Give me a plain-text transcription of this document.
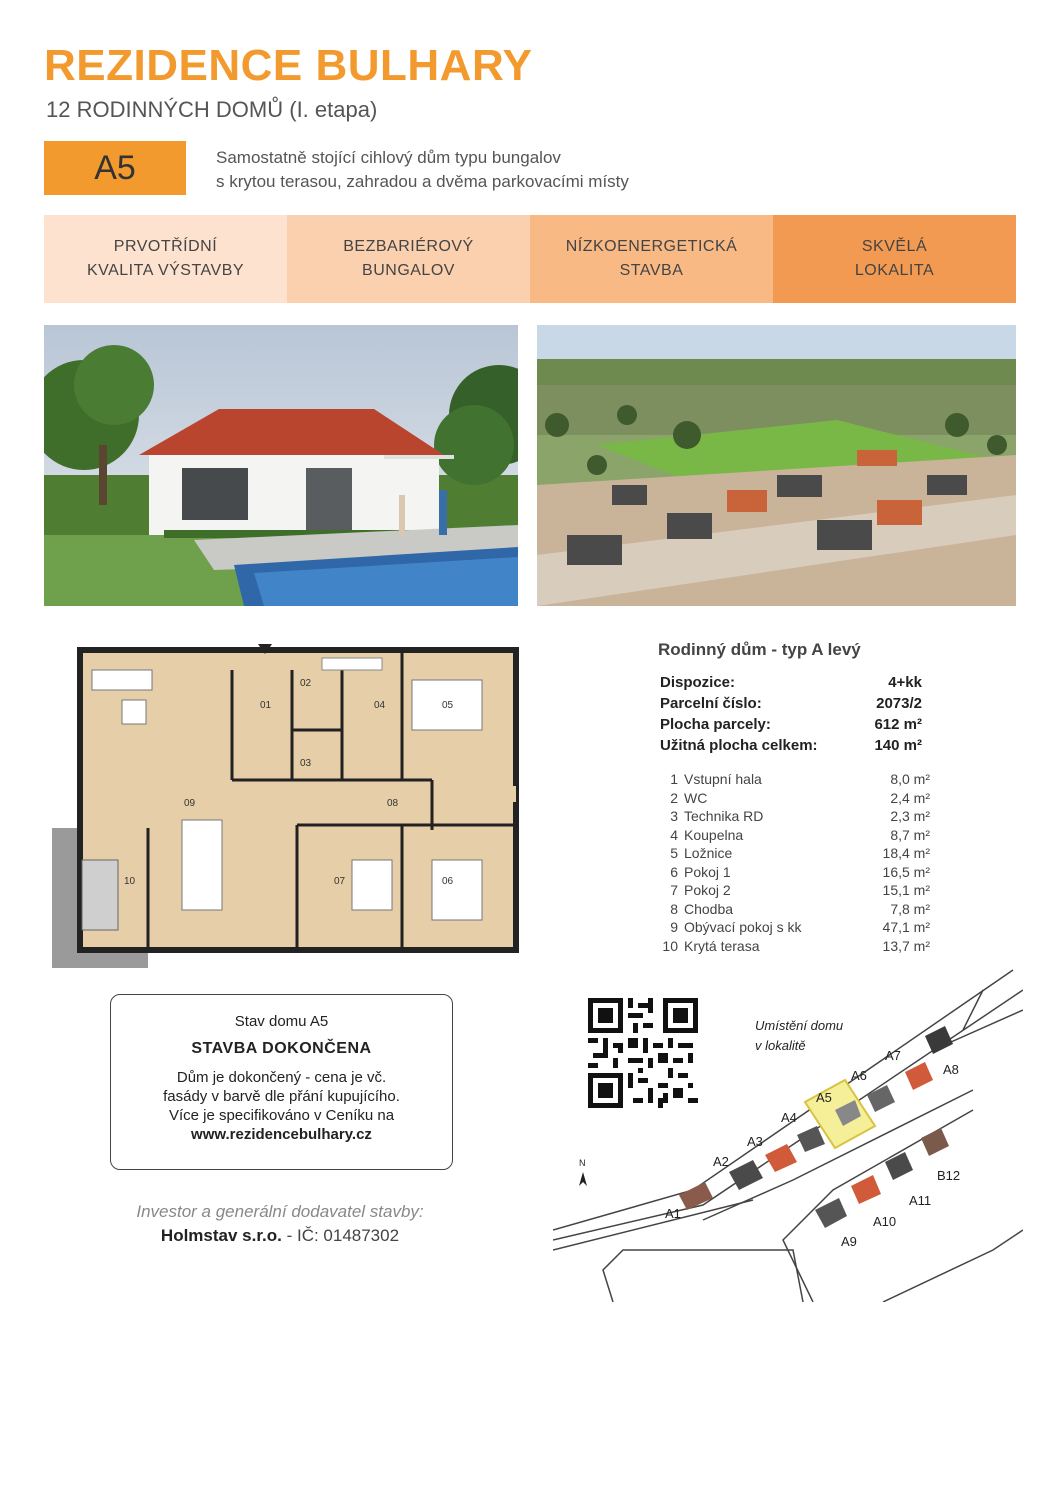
REZIDENCE BULHARY
12 RODINNÝCH DOMŮ (I. etapa)
A5	Samostatně stojící cihlový dům typu bungalov
s krytou terasou, zahradou a dvěma parkovacími místy
PRVOTŘÍDNÍ
KVALITA VÝSTAVBY
BEZBARIÉROVÝ
BUNGALOV
NÍZKOENERGETICKÁ
STAVBA
SKVĚLÁ
LOKALITA
01
02
03
04	05
06
07
08
09
10
Rodinný dům - typ A levý
Dispozice:	4+kk
Parcelní číslo:	2073/2
Plocha parcely:	612 m²
Užitná plocha celkem:	140 m²
1 Vstupní hala	8,0 m²
2 WC	2,4 m²
3 Technika RD	2,3 m²
4 Koupelna	8,7 m²
5 Ložnice	18,4 m²
6 Pokoj 1	16,5 m²
7 Pokoj 2	15,1 m²
8 Chodba	7,8 m²
9 Obývací pokoj s kk	47,1 m²
10 Krytá terasa	13,7 m²
Stav domu A5
STAVBA DOKONČENA
Dům je dokončený - cena je vč.
fasády v barvě dle přání kupujícího.
Více je specifikováno v Ceníku na
www.rezidencebulhary.cz
Investor a generální dodavatel stavby:
Holmstav s.r.o. - IČ: 01487302
A1
A2
A3
A4
A5
A6
A7
A8
A9
A10
A11
B12
Umístění domu
v lokalitě
N
